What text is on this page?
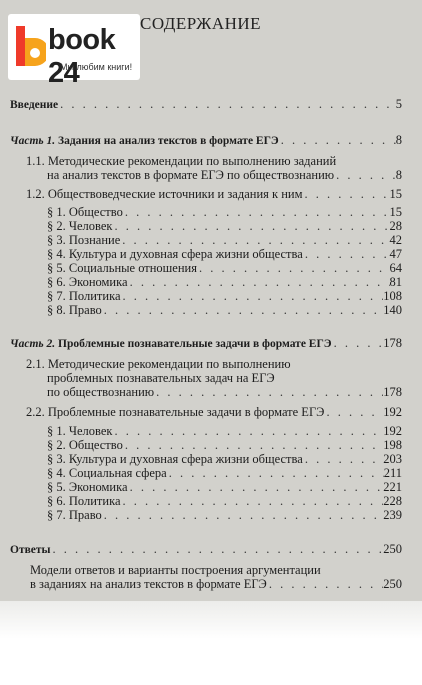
book 24
Мы любим книги!
СОДЕРЖАНИЕ
Введение . . .	5
Часть 1. Задания на анализ текстов в формате ЕГЭ . . .	8
1.1. Методические рекомендации по выполнению заданий
на анализ текстов в формате ЕГЭ по обществознанию . . .	8
1.2. Обществоведческие источники и задания к ним . . .	15
§ 1. Общество . . .	15
§ 2. Человек . . .	28
§ 3. Познание . . .	42
§ 4. Культура и духовная сфера жизни общества . . .	47
§ 5. Социальные отношения . . .	64
§ 6. Экономика . . .	81
§ 7. Политика . . .	108
§ 8. Право . . .	140
Часть 2. Проблемные познавательные задачи в формате ЕГЭ . . .	178
2.1. Методические рекомендации по выполнению
проблемных познавательных задач на ЕГЭ
по обществознанию . . .	178
2.2. Проблемные познавательные задачи в формате ЕГЭ . . .	192
§ 1. Человек . . .	192
§ 2. Общество . . .	198
§ 3. Культура и духовная сфера жизни общества . . .	203
§ 4. Социальная сфера . . .	211
§ 5. Экономика . . .	221
§ 6. Политика . . .	228
§ 7. Право . . .	239
Ответы . . .	250
Модели ответов и варианты построения аргументации
в заданиях на анализ текстов в формате ЕГЭ . . .	250
